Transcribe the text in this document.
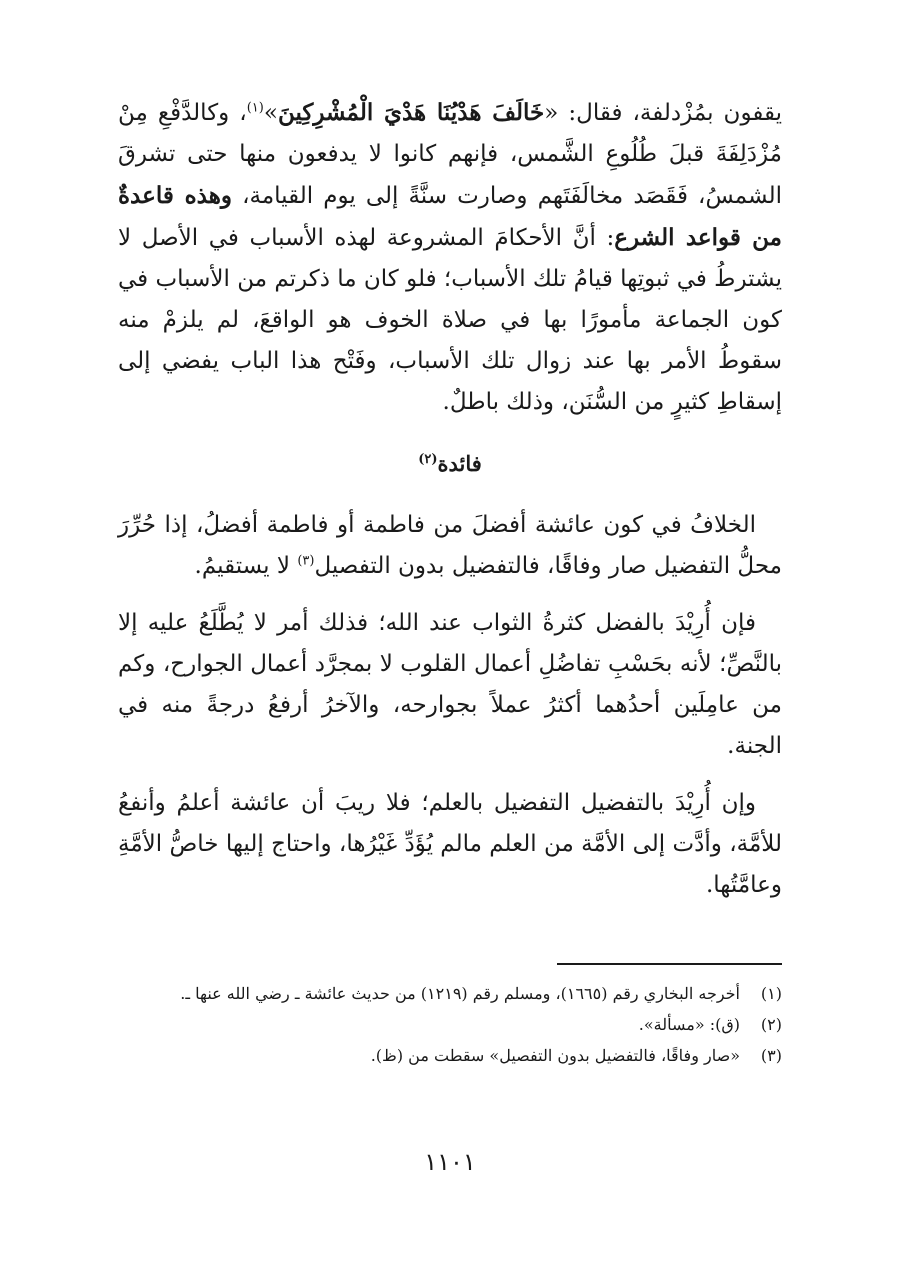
يقفون بمُزْدلفة، فقال: «خَالَفَ هَدْيُنَا هَدْيَ الْمُشْرِكِينَ»$^{(١)}$، وكالدَّفْعِ مِنْ مُزْدَلِفَةَ قبلَ طُلُوعِ الشَّمس، فإنهم كانوا لا يدفعون منها حتى تشرقَ الشمسُ، فَقَصَد مخالَفَتَهم وصارت سنَّةً إلى يوم القيامة، وهذه قاعدةٌ من قواعد الشرع: أنَّ الأحكامَ المشروعة لهذه الأسباب في الأصل لا يشترطُ في ثبوتِها قيامُ تلك الأسباب؛ فلو كان ما ذكرتم من الأسباب في كون الجماعة مأمورًا بها في صلاة الخوف هو الواقعَ، لم يلزمْ منه سقوطُ الأمر بها عند زوال تلك الأسباب، وفَتْح هذا الباب يفضي إلى إسقاطِ كثيرٍ من السُّنَن، وذلك باطلٌ.

فائدة$^{(٢)}$

الخلافُ في كون عائشة أفضلَ من فاطمة أو فاطمة أفضلُ، إذا حُرِّرَ محلُّ التفضيل صار وفاقًا، فالتفضيل بدون التفصيل$^{(٣)}$ لا يستقيمُ.

فإن أُرِيْدَ بالفضل كثرةُ الثواب عند الله؛ فذلك أمر لا يُطَّلَعُ عليه إلا بالنَّصِّ؛ لأنه بحَسْبِ تفاضُلِ أعمال القلوب لا بمجرَّد أعمال الجوارح، وكم من عامِلَين أحدُهما أكثرُ عملاً بجوارحه، والآخرُ أرفعُ درجةً منه في الجنة.

وإن أُرِيْدَ بالتفضيل التفضيل بالعلم؛ فلا ريبَ أن عائشة أعلمُ وأنفعُ للأمَّة، وأدَّت إلى الأمَّة من العلم مالم يُؤَدِّ غَيْرُها، واحتاج إليها خاصُّ الأمَّةِ وعامَّتُها.

(١)
أخرجه البخاري رقم (١٦٦٥)، ومسلم رقم (١٢١٩) من حديث عائشة ـ رضي الله عنها ـ.
(٢)
(ق): «مسألة».
(٣)
«صار وفاقًا، فالتفضيل بدون التفصيل» سقطت من (ظ).
١١٠١
